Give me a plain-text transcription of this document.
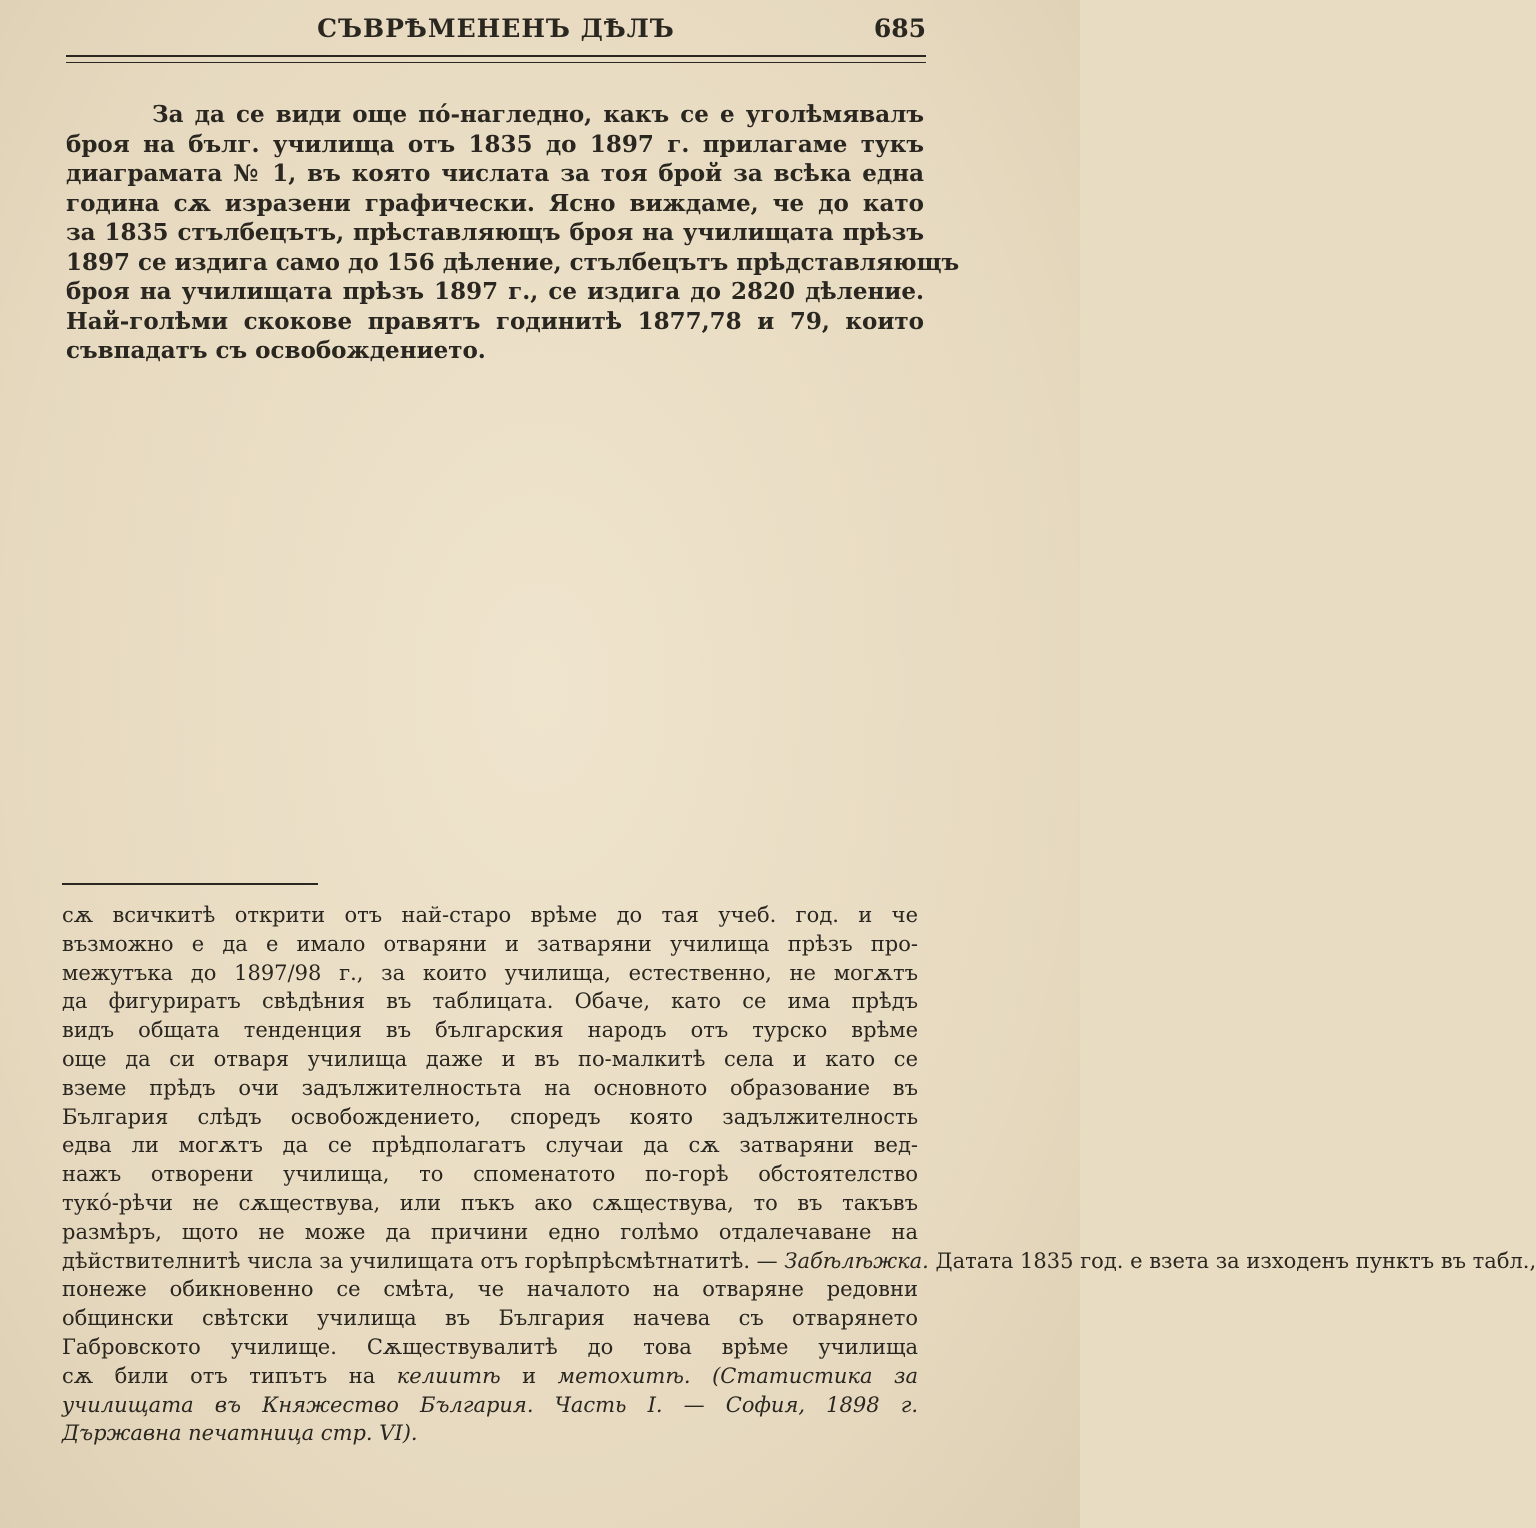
СЪВРѢМЕНЕНЪ ДѢЛЪ	685
За да се види още пó-нагледно, какъ се е уголѣмявалъ
броя на бълг. училища отъ 1835 до 1897 г. прилагаме тукъ
диаграмата № 1, въ която числата за тоя брой за всѣка една
година сѫ изразени графически. Ясно виждаме, че до като
за 1835 стълбецътъ, прѣставляющъ броя на училищата прѣзъ
1897 се издига само до 156 дѣление, стълбецътъ прѣдставляющъ
броя на училищата прѣзъ 1897 г., се издига до 2820 дѣление.
Най-голѣми скокове правятъ годинитѣ 1877,78 и 79, които
съвпадатъ съ освобождението.
сѫ всичкитѣ открити отъ най-старо врѣме до тая учеб. год. и че
възможно е да е имало отваряни и затваряни училища прѣзъ про-
межутъка до 1897/98 г., за които училища, естественно, не могѫтъ
да фигуриратъ свѣдѣния въ таблицата. Обаче, като се има прѣдъ
видъ общата тенденция въ българския народъ отъ турско врѣме
още да си отваря училища даже и въ по-малкитѣ села и като се
вземе прѣдъ очи задължителностьта на основното образование въ
България слѣдъ освобождението, споредъ която задължителность
едва ли могѫтъ да се прѣдполагатъ случаи да сѫ затваряни вед-
нажъ отворени училища, то споменатото по-горѣ обстоятелство
тукó-рѣчи не сѫществува, или пъкъ ако сѫществува, то въ такъвъ
размѣръ, щото не може да причини едно голѣмо отдалечаване на
дѣйствителнитѣ числа за училищата отъ горѣпрѣсмѣтнатитѣ. — Забѣлѣжка. Датата 1835 год. е взета за изходенъ пунктъ въ табл.,
понеже обикновенно се смѣта, че началото на отваряне редовни
общински свѣтски училища въ България начева съ отварянето
Габровското училище. Сѫществувалитѣ до това врѣме училища
сѫ били отъ типътъ на келиитѣ и метохитѣ. (Статистика за
училищата въ Княжество България. Часть I. — София, 1898 г.
Държавна печатница стр. VI).
